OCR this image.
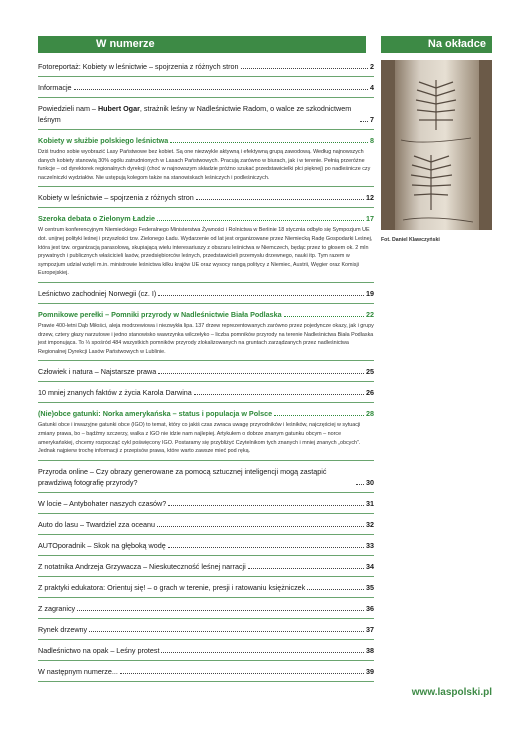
W numerze	Na okładce
Fotoreportaż: Kobiety w leśnictwie – spojrzenia z różnych stron	2
Informacje	4
Powiedzieli nam – Hubert Ogar, strażnik leśny w Nadleśnictwie Radom, o walce ze szkodnictwem leśnym	7
Kobiety w służbie polskiego leśnictwa	8
Dziś trudno sobie wyobrazić Lasy Państwowe bez kobiet. Są one niezwykle aktywną i efektywną grupą zawodową. Według najnowszych danych kobiety stanowią 30% ogółu zatrudnionych w Lasach Państwowych. Pracują zarówno w biurach, jak i w terenie. Pełnią przeróżne funkcje – od dyrektorek regionalnych dyrekcji (choć w najnowszym składzie próżno szukać przedstawicielki płci pięknej) po nadleśniczе czy naczelniczki wydziałów. Nie ustępują kolegom także na stanowiskach leśniczych i podleśniczych.
Kobiety w leśnictwie – spojrzenia z różnych stron	12
Szeroka debata o Zielonym Ładzie	17
W centrum konferencyjnym Niemieckiego Federalnego Ministerstwa Żywności i Rolnictwa w Berlinie 18 stycznia odbyło się Sympozjum UE dot. unijnej polityki leśnej i przyszłości tzw. Zielonego Ładu. Wydarzenie od lat jest organizowane przez Niemiecką Radę Gospodarki Leśnej, która jest tzw. organizacją parasolową, skupiającą wielu interesariuszy z obszaru leśnictwa w Niemczech, będąc przez to głosem ok. 2 mln prywatnych i publicznych właścicieli lasów, przedsiębiorców leśnych, przedstawicieli przemysłu drzewnego, nauki itp. Tym razem w sympozjum udział wzięli m.in. ministrowie leśnictwa kilku krajów UE oraz wysocy rangą politycy z Niemiec, Austrii, Węgier oraz Komisji Europejskiej.
Leśnictwo zachodniej Norwegii (cz. I)	19
Pomnikowe perełki – Pomniki przyrody w Nadleśnictwie Biała Podlaska	22
Prawie 400-letni Dąb Miłości, aleja modrzewiowa i niezwykła lipa. 137 drzew reprezentowanych zarówno przez pojedyncze okazy, jak i grupy drzew, cztery głazy narzutowe i jedno stanowisko wawrzynka wilczełyko – liczba pomników przyrody na terenie Nadleśnictwa Biała Podlaska jest imponująca. To ⅓ spośród 484 wszystkich pomników przyrody zlokalizowanych na gruntach zarządzanych przez nadleśnictwa Regionalnej Dyrekcji Lasów Państwowych w Lublinie.
Człowiek i natura – Najstarsze prawa	25
10 mniej znanych faktów z życia Karola Darwina	26
(Nie)obce gatunki: Norka amerykańska – status i populacja w Polsce	28
Gatunki obce i inwazyjne gatunki obce (IGO) to temat, który co jakiś czas zwraca uwagę przyrodników i leśników, najczęściej w sytuacji zmiany prawa, bo – bądźmy szczerzy, walka z IGO nie idzie nam najlepiej. Artykułem o dobrze znanym gatunku obcym – norce amerykańskiej, chcemy rozpocząć cykl poświęcony IGO. Postaramy się przybliżyć Czytelnikom tych znanych i mniej znanych „obcych”. Jednak najpierw trochę informacji z przepisów prawa, które warto zawsze mieć pod ręką.
Przyroda online – Czy obrazy generowane za pomocą sztucznej inteligencji mogą zastąpić prawdziwą fotografię przyrody?	30
W locie – Antybohater naszych czasów?	31
Auto do lasu – Twardziel zza oceanu	32
AUTOporadnik – Skok na głęboką wodę	33
Z notatnika Andrzeja Grzywacza – Nieskuteczność leśnej narracji	34
Z praktyki edukatora: Orientuj się! – o grach w terenie, presji i ratowaniu księżniczek	35
Z zagranicy	36
Rynek drzewny	37
Nadleśnictwo na opak – Leśny protest	38
W następnym numerze...	39
Fot. Daniel Klawczyński
www.laspolski.pl
